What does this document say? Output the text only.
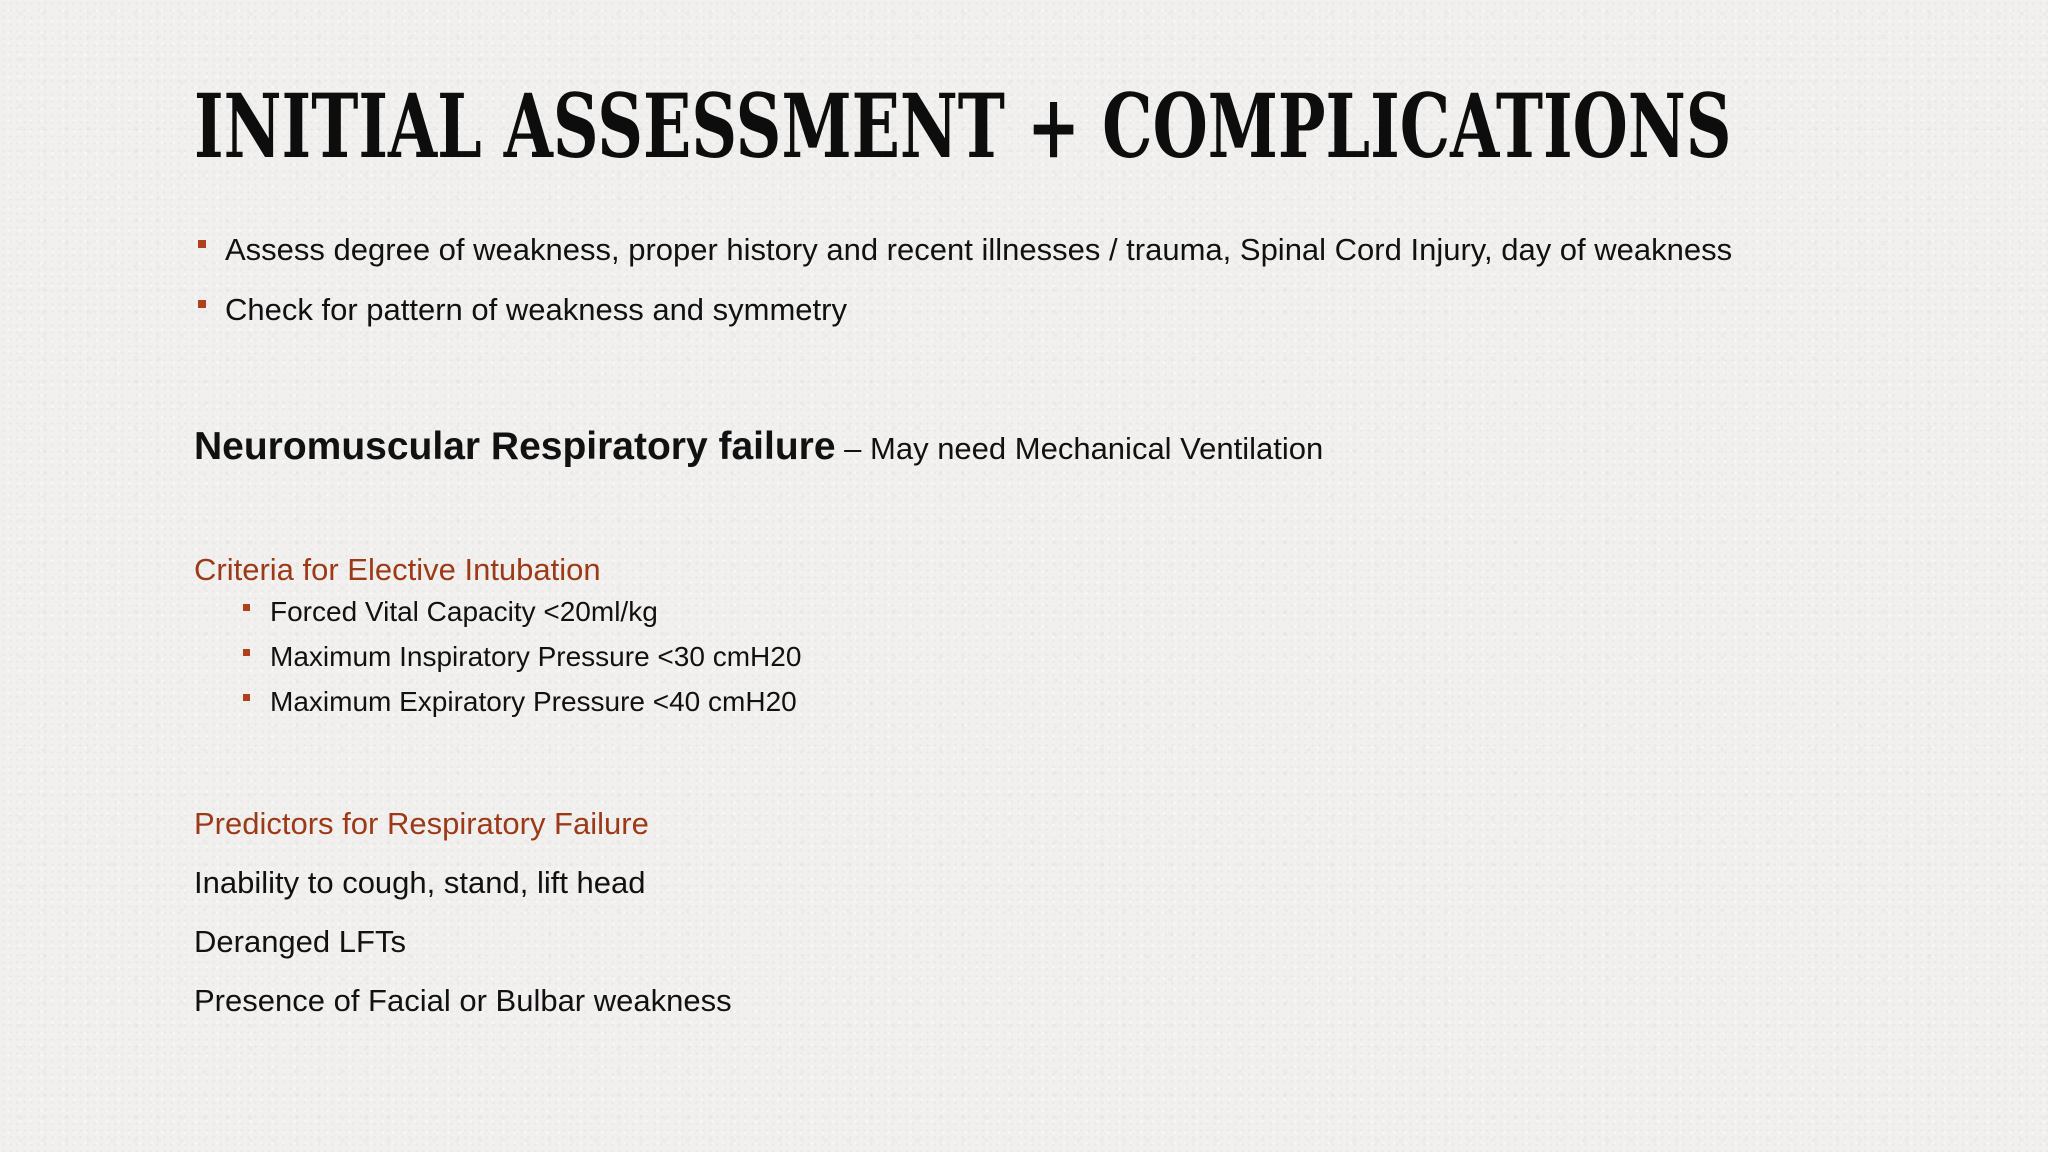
INITIAL ASSESSMENT + COMPLICATIONS
Assess degree of weakness, proper history and recent illnesses / trauma, Spinal Cord Injury, day of weakness
Check for pattern of weakness and symmetry
Neuromuscular Respiratory failure – May need Mechanical Ventilation
Criteria for Elective Intubation
Forced Vital Capacity <20ml/kg
Maximum Inspiratory Pressure <30 cmH20
Maximum Expiratory Pressure <40 cmH20
Predictors for Respiratory Failure
Inability to cough, stand, lift head
Deranged LFTs
Presence of Facial or Bulbar weakness
